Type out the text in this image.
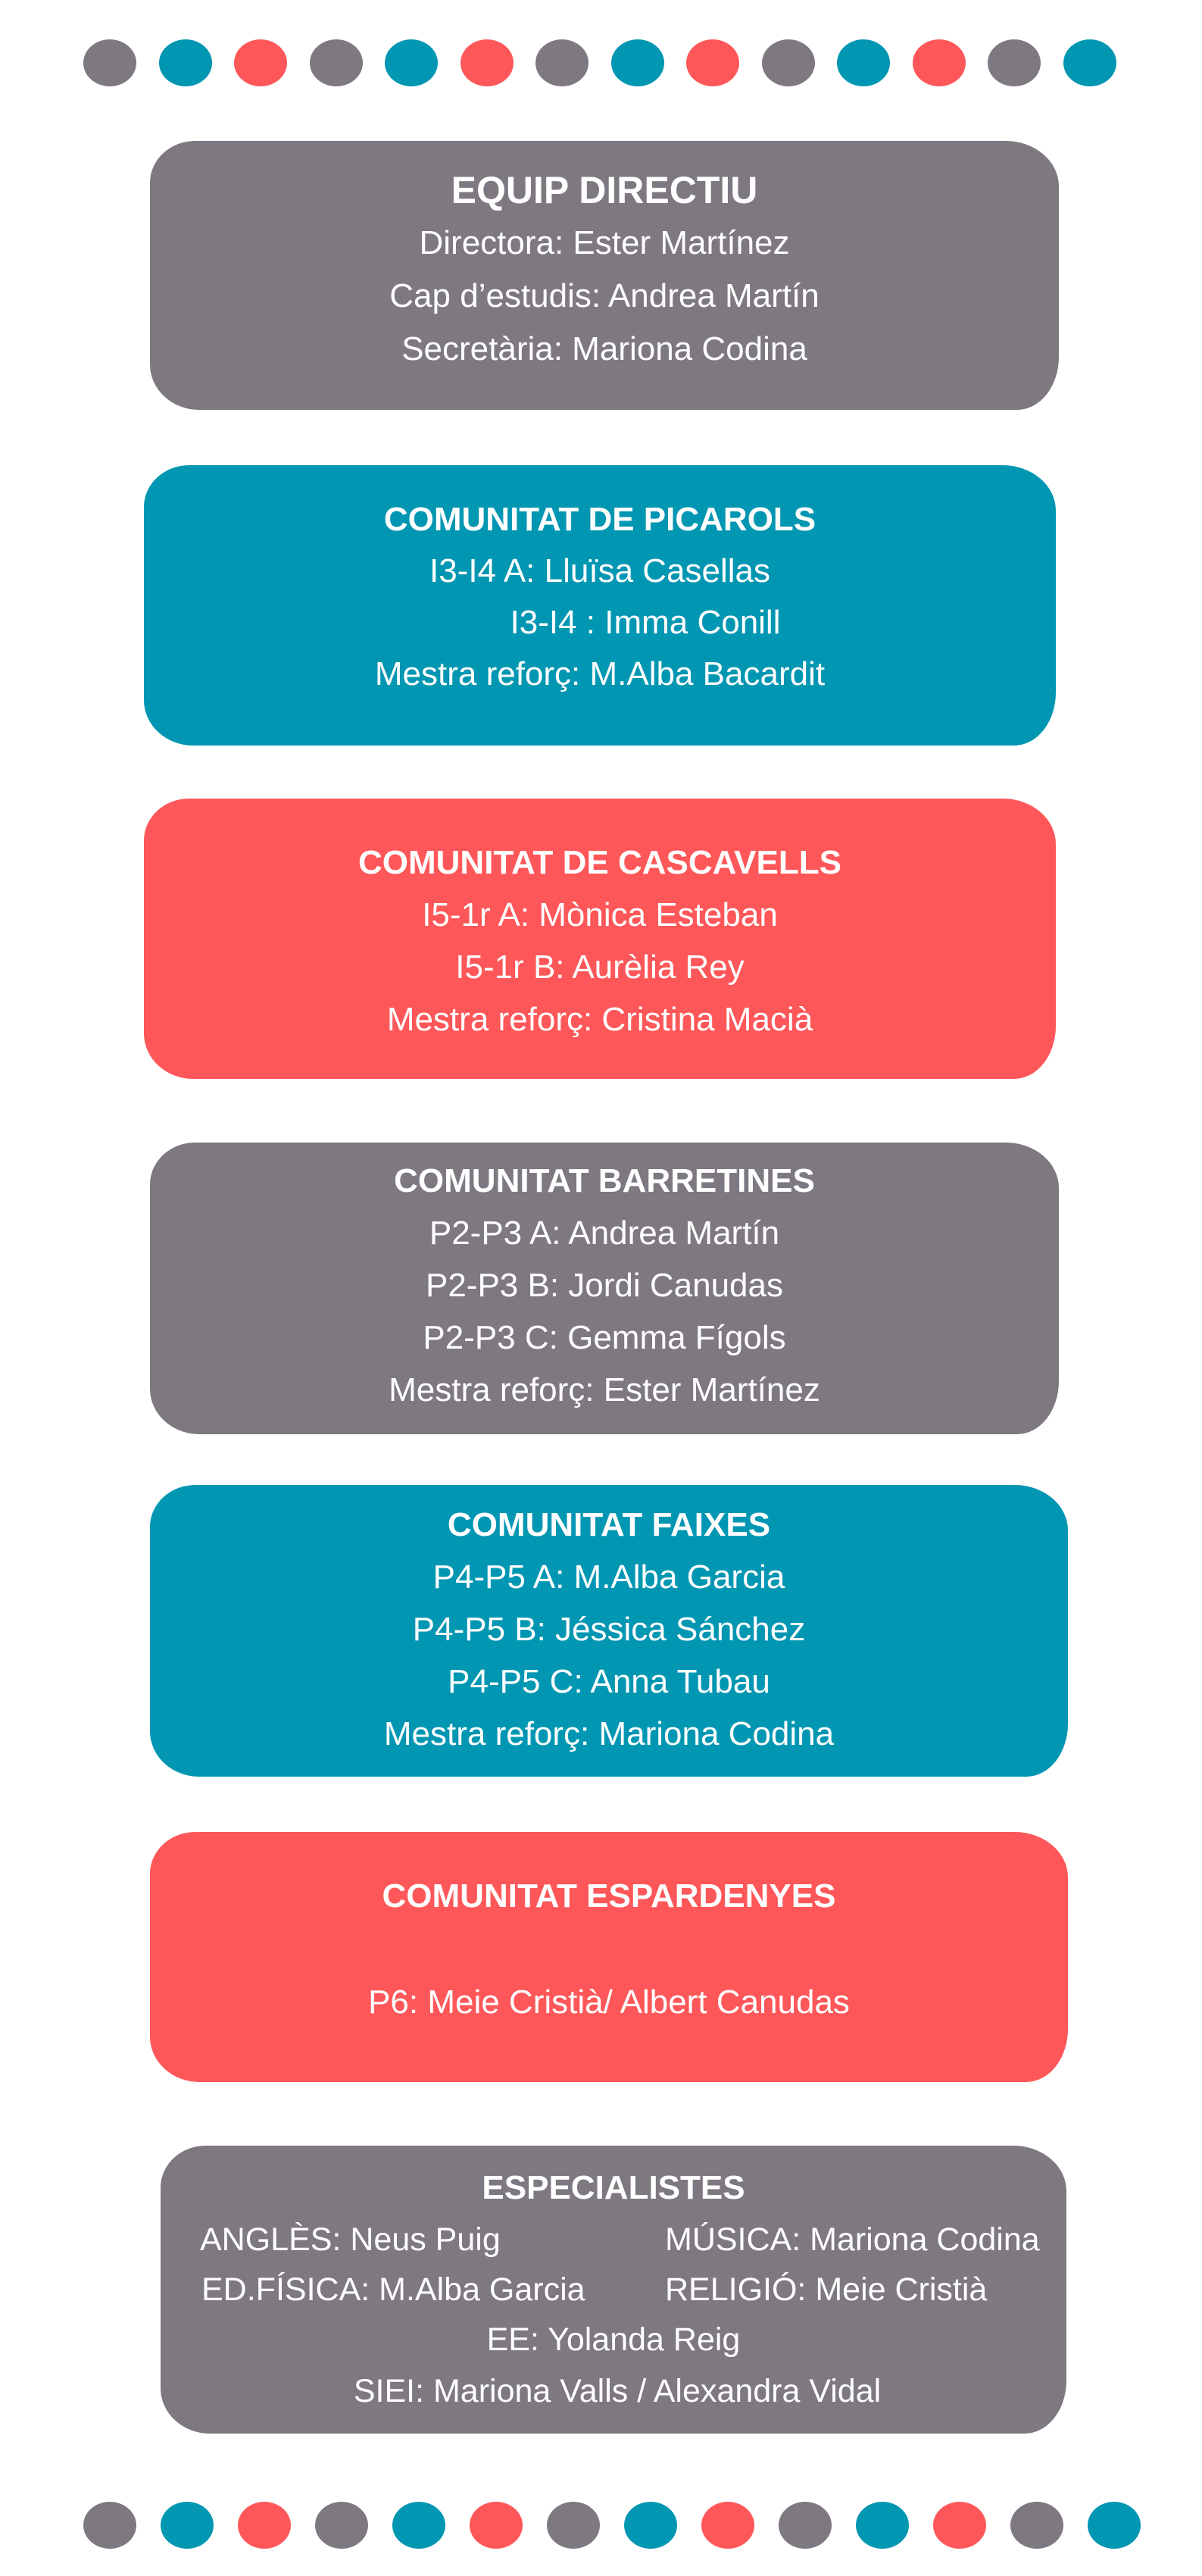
EQUIP DIRECTIU
Directora: Ester Martínez
Cap d’estudis: Andrea Martín
Secretària: Mariona Codina
COMUNITAT DE PICAROLS
I3-I4 A: Lluïsa Casellas
I3-I4 : Imma Conill
Mestra reforç: M.Alba Bacardit
COMUNITAT DE CASCAVELLS
I5-1r A: Mònica Esteban
I5-1r B: Aurèlia Rey
Mestra reforç: Cristina Macià
COMUNITAT BARRETINES
P2-P3 A: Andrea Martín
P2-P3 B: Jordi Canudas
P2-P3 C: Gemma Fígols
Mestra reforç: Ester Martínez
COMUNITAT FAIXES
P4-P5 A: M.Alba Garcia
P4-P5 B: Jéssica Sánchez
P4-P5 C: Anna Tubau
Mestra reforç: Mariona Codina
COMUNITAT ESPARDENYES
P6: Meie Cristià/ Albert Canudas
ESPECIALISTES
ANGLÈS: Neus Puig	MÚSICA: Mariona Codina
ED.FÍSICA: M.Alba Garcia RELIGIÓ: Meie Cristià
EE: Yolanda Reig
SIEI: Mariona Valls / Alexandra Vidal
